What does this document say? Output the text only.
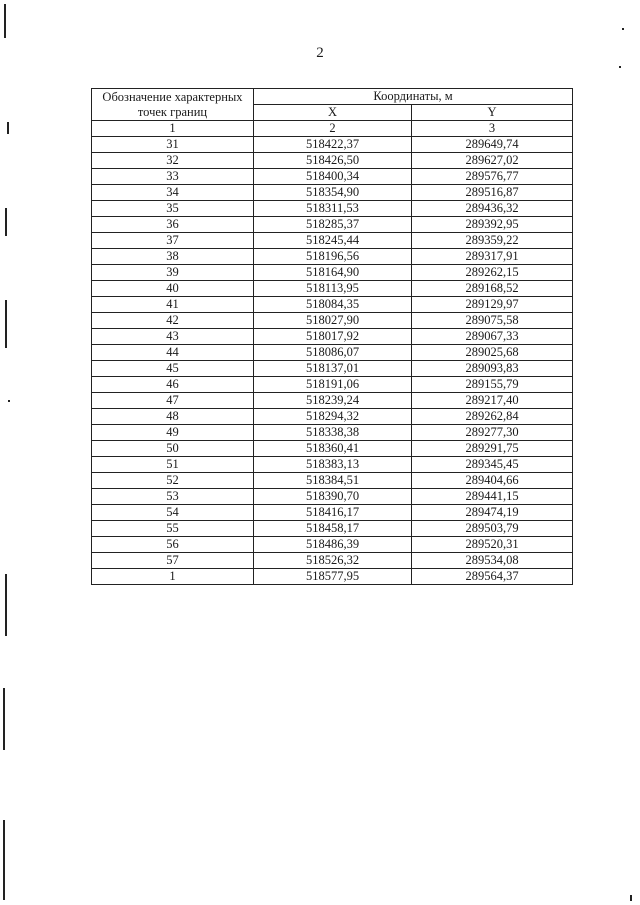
2
Обозначение характерных точек границ	Координаты, м	
	X	Y
1	2	3
31	518422,37	289649,74
32	518426,50	289627,02
33	518400,34	289576,77
34	518354,90	289516,87
35	518311,53	289436,32
36	518285,37	289392,95
37	518245,44	289359,22
38	518196,56	289317,91
39	518164,90	289262,15
40	518113,95	289168,52
41	518084,35	289129,97
42	518027,90	289075,58
43	518017,92	289067,33
44	518086,07	289025,68
45	518137,01	289093,83
46	518191,06	289155,79
47	518239,24	289217,40
48	518294,32	289262,84
49	518338,38	289277,30
50	518360,41	289291,75
51	518383,13	289345,45
52	518384,51	289404,66
53	518390,70	289441,15
54	518416,17	289474,19
55	518458,17	289503,79
56	518486,39	289520,31
57	518526,32	289534,08
1	518577,95	289564,37
